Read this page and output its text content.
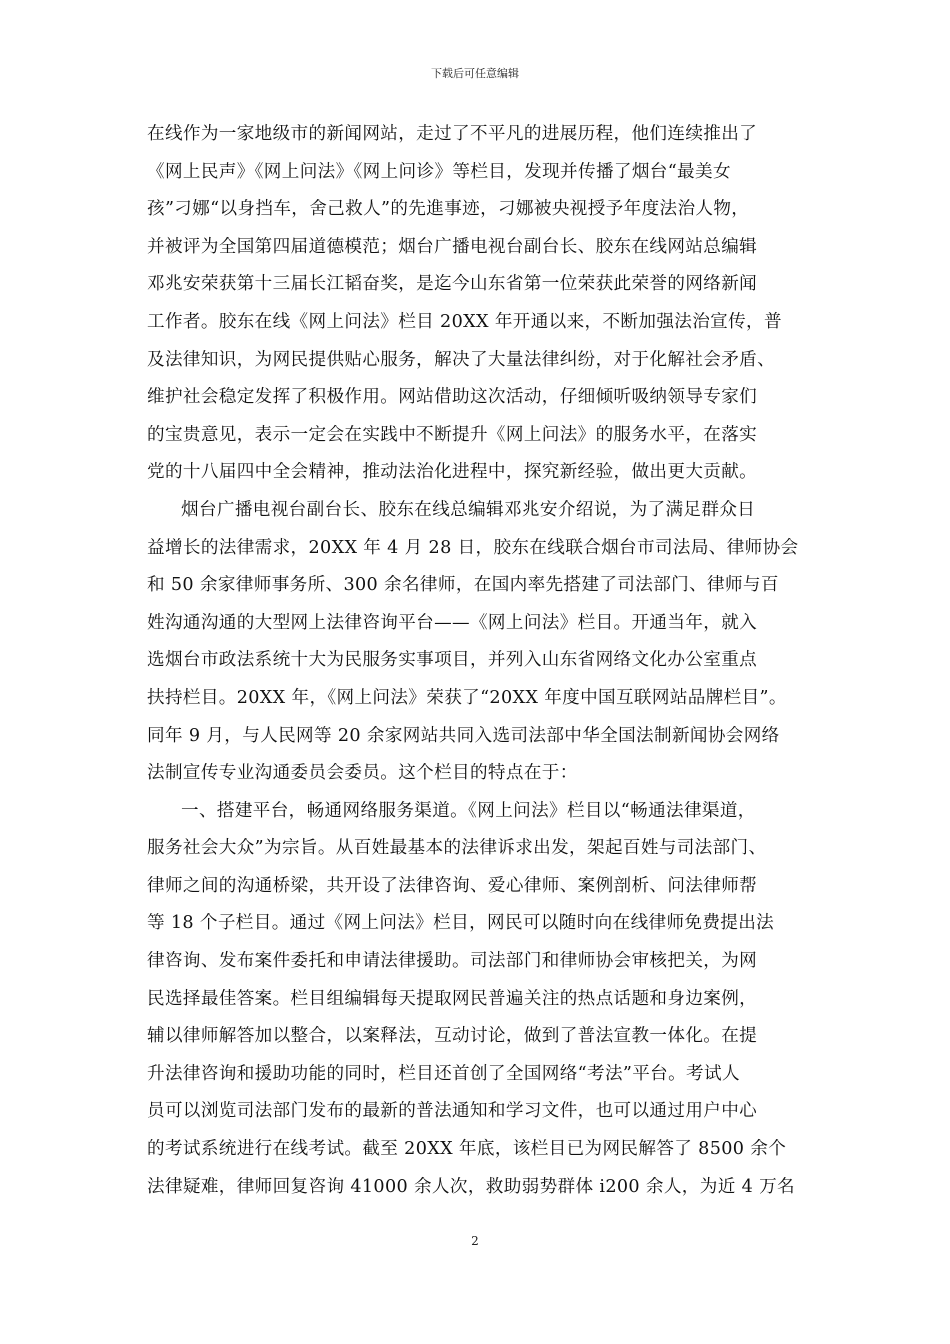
下载后可任意编辑
在线作为一家地级市的新闻网站，走过了不平凡的进展历程，他们连续推出了
《网上民声》《网上问法》《网上问诊》等栏目，发现并传播了烟台“最美女
孩”刁娜“以身挡车，舍己救人”的先進事迹，刁娜被央视授予年度法治人物，
并被评为全国第四届道德模范；烟台广播电视台副台长、胶东在线网站总编辑
邓兆安荣获第十三届长江韬奋奖，是迄今山东省第一位荣获此荣誉的网络新闻
工作者。胶东在线《网上问法》栏目 20XX 年开通以来，不断加强法治宣传，普
及法律知识，为网民提供贴心服务，解决了大量法律纠纷，对于化解社会矛盾、
维护社会稳定发挥了积极作用。网站借助这次活动，仔细倾听吸纳领导专家们
的宝贵意见，表示一定会在实践中不断提升《网上问法》的服务水平，在落实
党的十八届四中全会精神，推动法治化进程中，探究新经验，做出更大贡献。
烟台广播电视台副台长、胶东在线总编辑邓兆安介绍说，为了满足群众日
益增长的法律需求，20XX 年 4 月 28 日，胶东在线联合烟台市司法局、律师协会
和 50 余家律师事务所、300 余名律师，在国内率先搭建了司法部门、律师与百
姓沟通沟通的大型网上法律咨询平台——《网上问法》栏目。开通当年，就入
选烟台市政法系统十大为民服务实事项目，并列入山东省网络文化办公室重点
扶持栏目。20XX 年，《网上问法》荣获了“20XX 年度中国互联网站品牌栏目”。
同年 9 月，与人民网等 20 余家网站共同入选司法部中华全国法制新闻协会网络
法制宣传专业沟通委员会委员。这个栏目的特点在于：
一、搭建平台，畅通网络服务渠道。《网上问法》栏目以“畅通法律渠道，
服务社会大众”为宗旨。从百姓最基本的法律诉求出发，架起百姓与司法部门、
律师之间的沟通桥梁，共开设了法律咨询、爱心律师、案例剖析、问法律师帮
等 18 个子栏目。通过《网上问法》栏目，网民可以随时向在线律师免费提出法
律咨询、发布案件委托和申请法律援助。司法部门和律师协会审核把关，为网
民选择最佳答案。栏目组编辑每天提取网民普遍关注的热点话题和身边案例，
辅以律师解答加以整合，以案释法，互动讨论，做到了普法宣教一体化。在提
升法律咨询和援助功能的同时，栏目还首创了全国网络“考法”平台。考试人
员可以浏览司法部门发布的最新的普法通知和学习文件，也可以通过用户中心
的考试系统进行在线考试。截至 20XX 年底，该栏目已为网民解答了 8500 余个
法律疑难，律师回复咨询 41000 余人次，救助弱势群体 i200 余人，为近 4 万名
2
